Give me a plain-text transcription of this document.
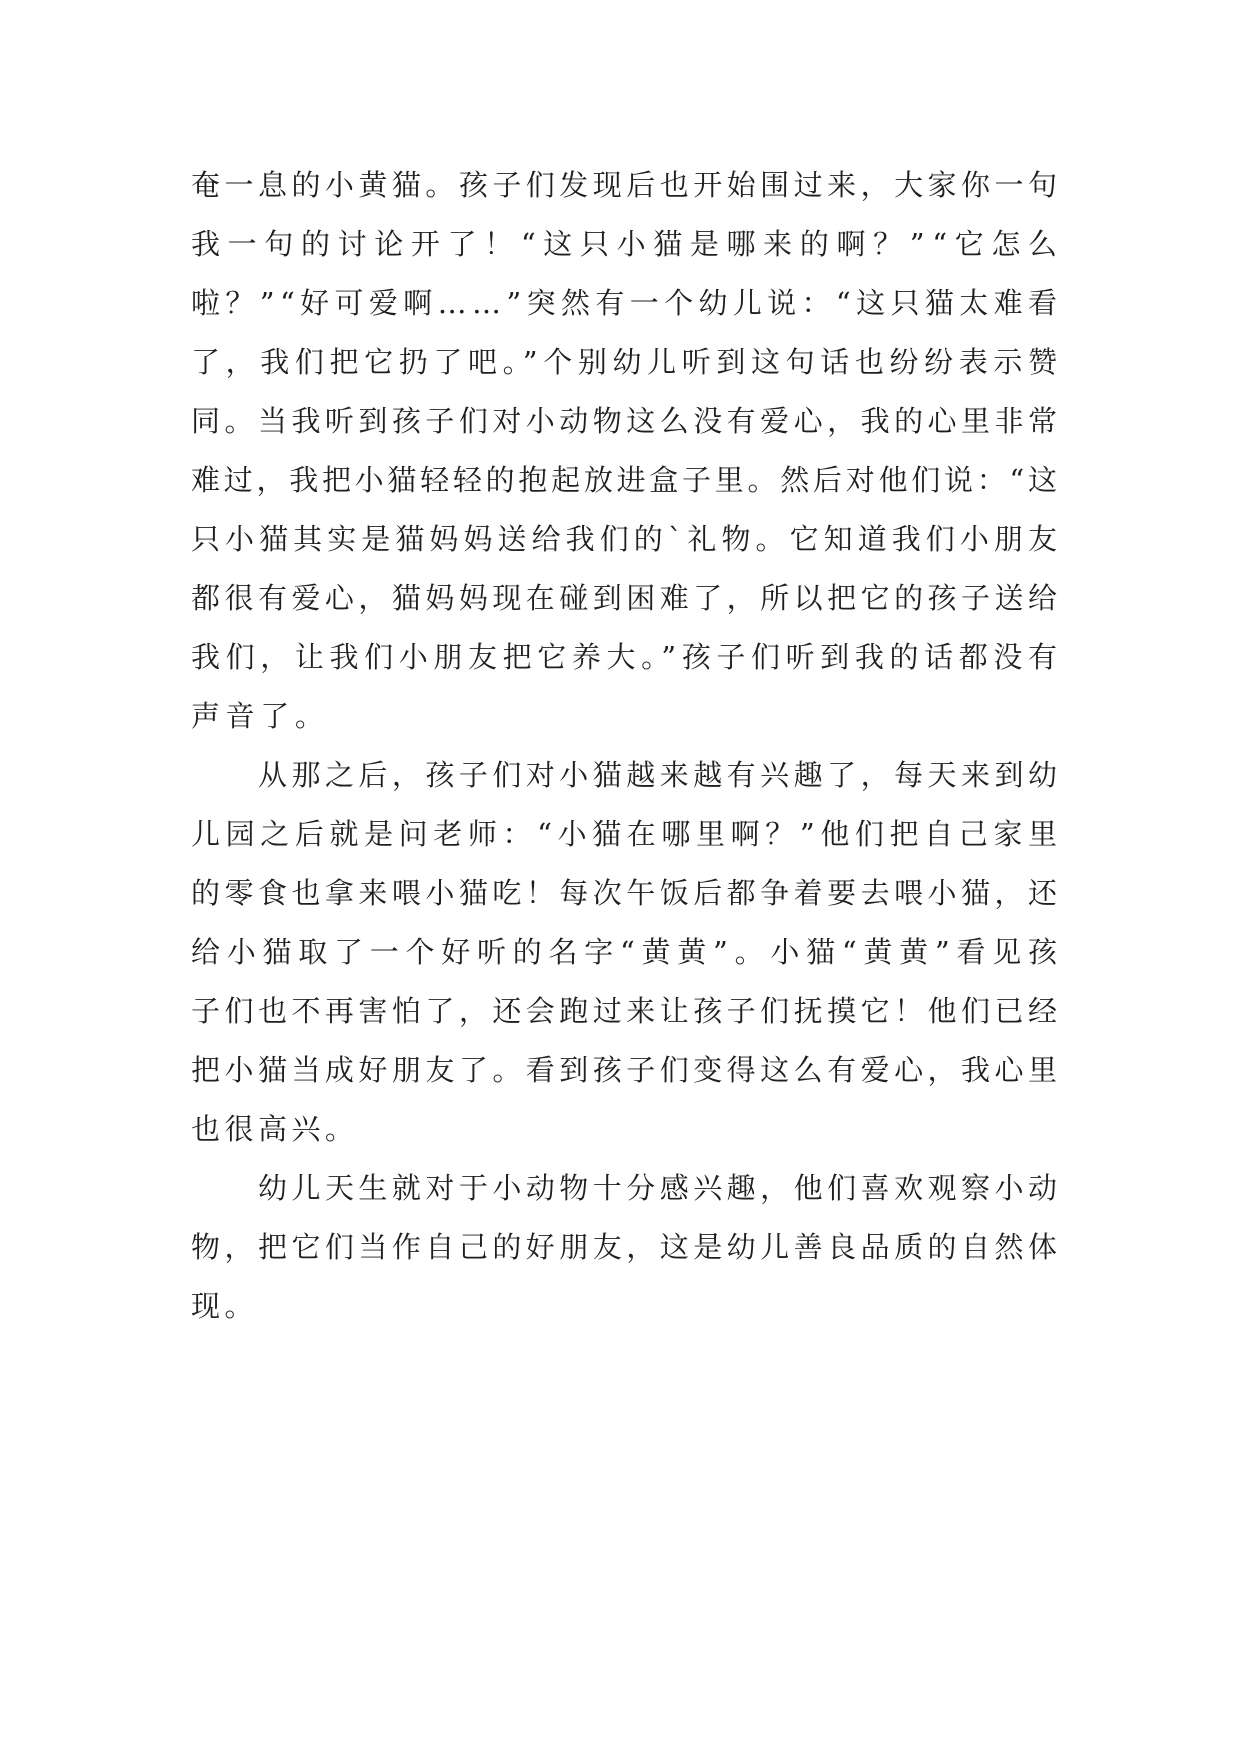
奄一息的小黄猫。孩子们发现后也开始围过来，大家你一句
我一句的讨论开了！“这只小猫是哪来的啊？”“它怎么
啦？”“好可爱啊……”突然有一个幼儿说：“这只猫太难看
了，我们把它扔了吧。”个别幼儿听到这句话也纷纷表示赞
同。当我听到孩子们对小动物这么没有爱心，我的心里非常
难过，我把小猫轻轻的抱起放进盒子里。然后对他们说：“这
只小猫其实是猫妈妈送给我们的`礼物。它知道我们小朋友
都很有爱心，猫妈妈现在碰到困难了，所以把它的孩子送给
我们，让我们小朋友把它养大。”孩子们听到我的话都没有
声音了。
从那之后，孩子们对小猫越来越有兴趣了，每天来到幼
儿园之后就是问老师：“小猫在哪里啊？”他们把自己家里
的零食也拿来喂小猫吃！每次午饭后都争着要去喂小猫，还
给小猫取了一个好听的名字“黄黄”。小猫“黄黄”看见孩
子们也不再害怕了，还会跑过来让孩子们抚摸它！他们已经
把小猫当成好朋友了。看到孩子们变得这么有爱心，我心里
也很高兴。
幼儿天生就对于小动物十分感兴趣，他们喜欢观察小动
物，把它们当作自己的好朋友，这是幼儿善良品质的自然体
现。
